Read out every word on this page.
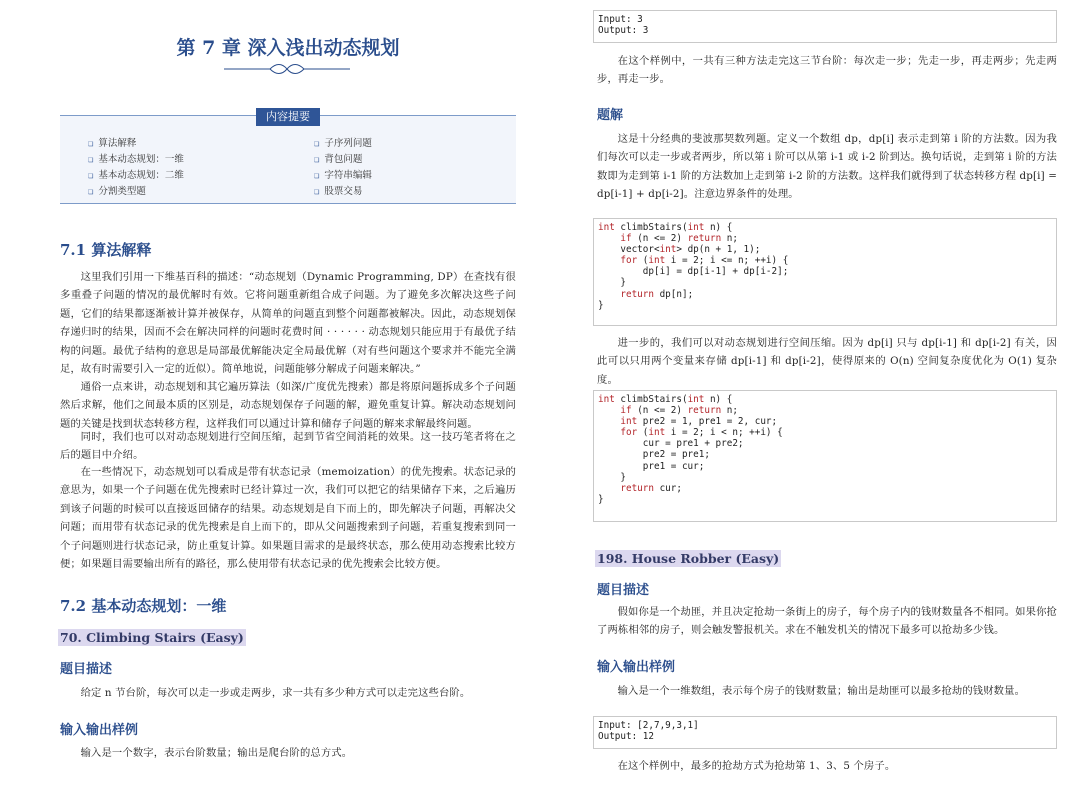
第 7 章 深入浅出动态规划
内容提要
❏ 算法解释
❏ 基本动态规划：一维
❏ 基本动态规划：二维
❏ 分割类型题
❏ 子序列问题
❏ 背包问题
❏ 字符串编辑
❏ 股票交易
7.1 算法解释
这里我们引用一下维基百科的描述：“动态规划（Dynamic Programming, DP）在查找有很多重叠子问题的情况的最优解时有效。它将问题重新组合成子问题。为了避免多次解决这些子问题，它们的结果都逐渐被计算并被保存，从简单的问题直到整个问题都被解决。因此，动态规划保存递归时的结果，因而不会在解决同样的问题时花费时间 · · · · · · 动态规划只能应用于有最优子结构的问题。最优子结构的意思是局部最优解能决定全局最优解（对有些问题这个要求并不能完全满足，故有时需要引入一定的近似）。简单地说，问题能够分解成子问题来解决。”
通俗一点来讲，动态规划和其它遍历算法（如深/广度优先搜索）都是将原问题拆成多个子问题然后求解，他们之间最本质的区别是，动态规划保存子问题的解，避免重复计算。解决动态规划问题的关键是找到状态转移方程，这样我们可以通过计算和储存子问题的解来求解最终问题。
同时，我们也可以对动态规划进行空间压缩，起到节省空间消耗的效果。这一技巧笔者将在之后的题目中介绍。
在一些情况下，动态规划可以看成是带有状态记录（memoization）的优先搜索。状态记录的意思为，如果一个子问题在优先搜索时已经计算过一次，我们可以把它的结果储存下来，之后遍历到该子问题的时候可以直接返回储存的结果。动态规划是自下而上的，即先解决子问题，再解决父问题；而用带有状态记录的优先搜索是自上而下的，即从父问题搜索到子问题，若重复搜索到同一个子问题则进行状态记录，防止重复计算。如果题目需求的是最终状态，那么使用动态搜索比较方便；如果题目需要输出所有的路径，那么使用带有状态记录的优先搜索会比较方便。
7.2 基本动态规划：一维
70. Climbing Stairs (Easy)
题目描述
给定 n 节台阶，每次可以走一步或走两步，求一共有多少种方式可以走完这些台阶。
输入输出样例
输入是一个数字，表示台阶数量；输出是爬台阶的总方式。
Input: 3
Output: 3
在这个样例中，一共有三种方法走完这三节台阶：每次走一步；先走一步，再走两步；先走两步，再走一步。
题解
这是十分经典的斐波那契数列题。定义一个数组 dp，dp[i] 表示走到第 i 阶的方法数。因为我们每次可以走一步或者两步，所以第 i 阶可以从第 i-1 或 i-2 阶到达。换句话说，走到第 i 阶的方法数即为走到第 i-1 阶的方法数加上走到第 i-2 阶的方法数。这样我们就得到了状态转移方程 dp[i] = dp[i-1] + dp[i-2]。注意边界条件的处理。
int climbStairs(int n) {
if (n <= 2) return n;
vector<int> dp(n + 1, 1);
for (int i = 2; i <= n; ++i) {
dp[i] = dp[i-1] + dp[i-2];
}
return dp[n];
}
进一步的，我们可以对动态规划进行空间压缩。因为 dp[i] 只与 dp[i-1] 和 dp[i-2] 有关，因此可以只用两个变量来存储 dp[i-1] 和 dp[i-2]，使得原来的 O(n) 空间复杂度优化为 O(1) 复杂度。
int climbStairs(int n) {
if (n <= 2) return n;
int pre2 = 1, pre1 = 2, cur;
for (int i = 2; i < n; ++i) {
cur = pre1 + pre2;
pre2 = pre1;
pre1 = cur;
}
return cur;
}
198. House Robber (Easy)
题目描述
假如你是一个劫匪，并且决定抢劫一条街上的房子，每个房子内的钱财数量各不相同。如果你抢了两栋相邻的房子，则会触发警报机关。求在不触发机关的情况下最多可以抢劫多少钱。
输入输出样例
输入是一个一维数组，表示每个房子的钱财数量；输出是劫匪可以最多抢劫的钱财数量。
Input: [2,7,9,3,1]
Output: 12
在这个样例中，最多的抢劫方式为抢劫第 1、3、5 个房子。
